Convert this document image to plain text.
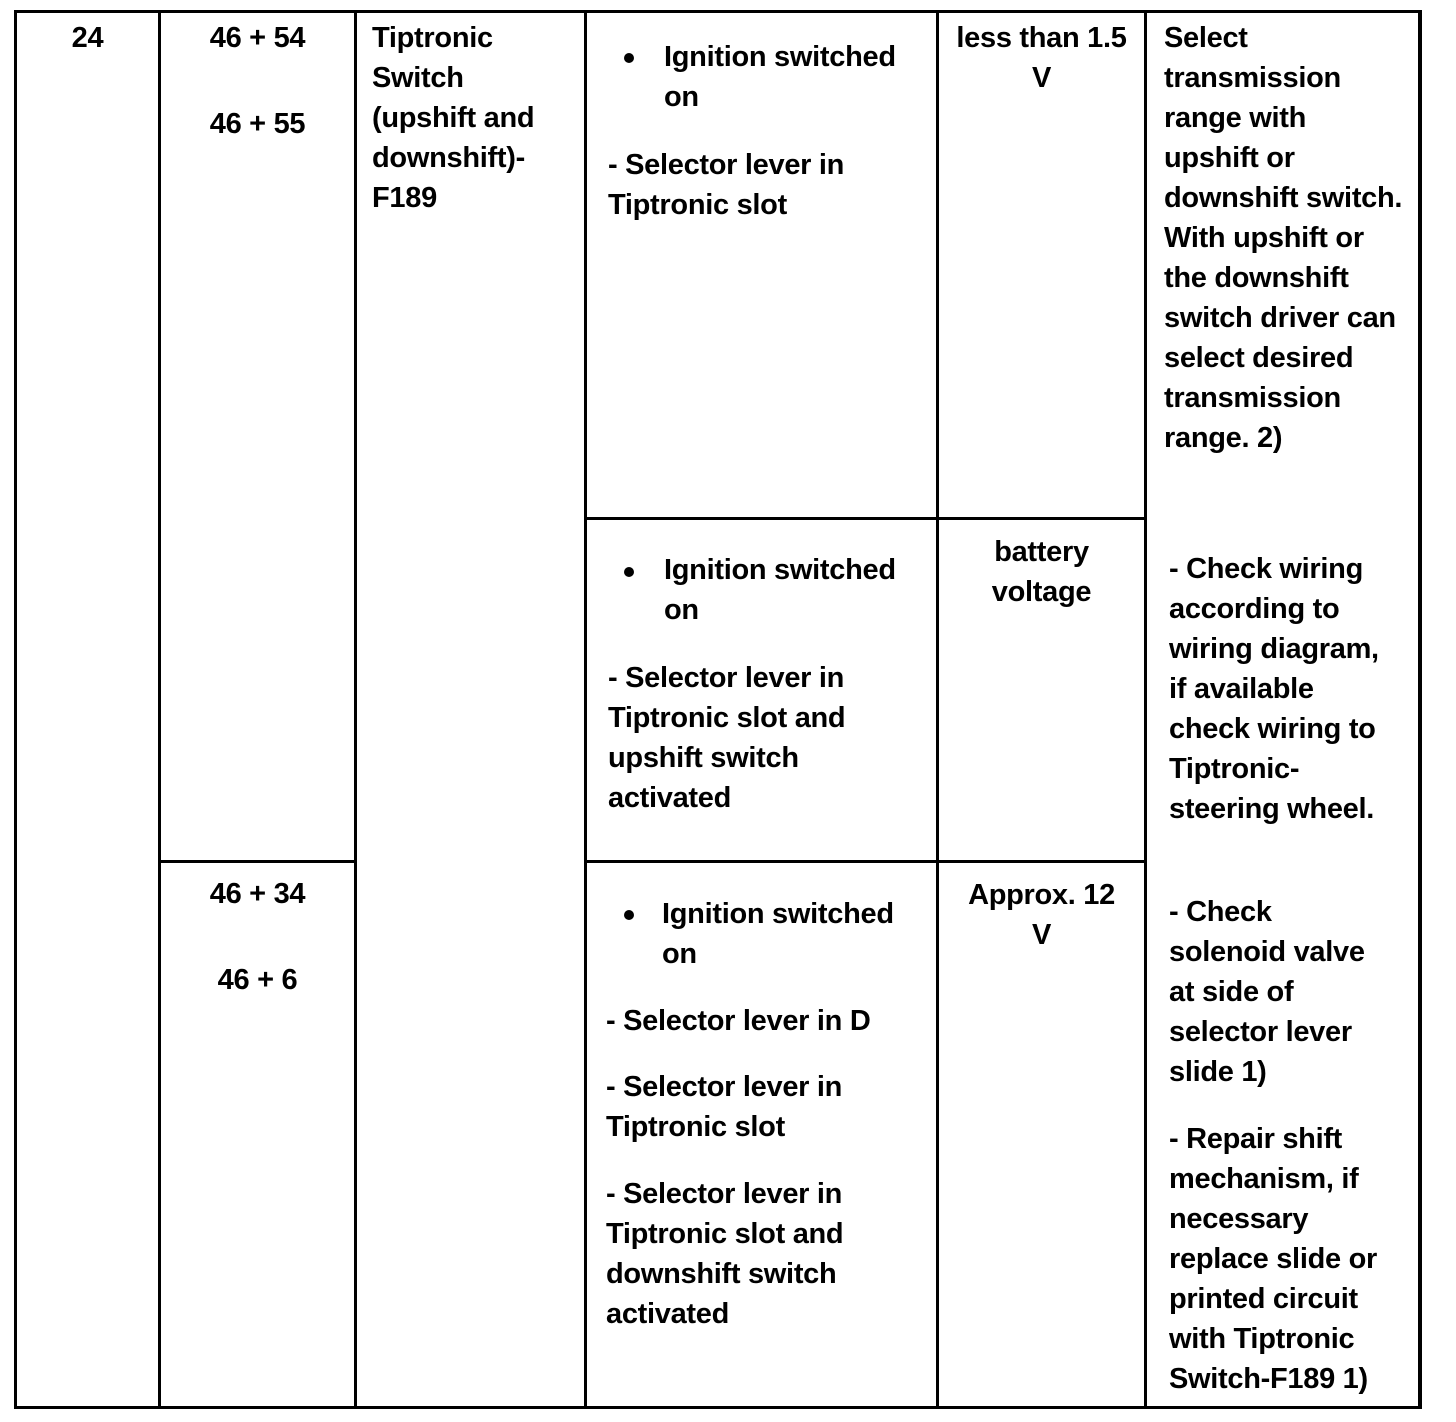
24	46 + 54
46 + 55
46 + 34
46 + 6
Tiptronic
Switch
(upshift and
downshift)-
F189
Ignition switched
on
- Selector lever in
Tiptronic slot
less than 1.5
V
Select
transmission
range with
upshift or
downshift switch.
With upshift or
the downshift
switch driver can
select desired
transmission
range. 2)
Ignition switched
on
- Selector lever in
Tiptronic slot and
upshift switch
activated
battery
voltage
- Check wiring
according to
wiring diagram,
if available
check wiring to
Tiptronic-
steering wheel.
Ignition switched
on
- Selector lever in D
- Selector lever in
Tiptronic slot
- Selector lever in
Tiptronic slot and
downshift switch
activated
Approx. 12
V
- Check
solenoid valve
at side of
selector lever
slide 1)
- Repair shift
mechanism, if
necessary
replace slide or
printed circuit
with Tiptronic
Switch-F189 1)
